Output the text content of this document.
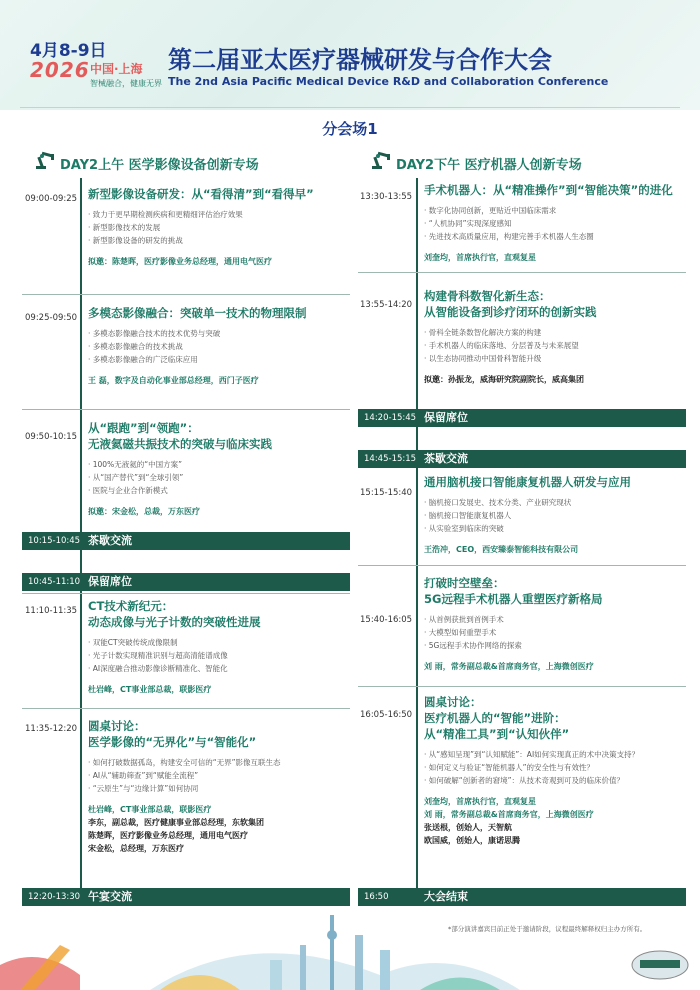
4月8-9日
2026 中国·上海
智械融合，健康无界
第二届亚太医疗器械研发与合作大会
The 2nd Asia Pacific Medical Device R&D and Collaboration Conference
分会场1
DAY2上午 医学影像设备创新专场	DAY2下午 医疗机器人创新专场
09:00-09:25 新型影像设备研发：从“看得清”到“看得早”
· 致力于更早期检测疾病和更精细评估治疗效果
· 新型影像技术的发展
· 新型影像设备的研发的挑战
拟邀：陈楚晖，医疗影像业务总经理，通用电气医疗
09:25-09:50 多模态影像融合：突破单一技术的物理限制
· 多模态影像融合技术的技术优势与突破
· 多模态影像融合的技术挑战
· 多模态影像融合的广泛临床应用
王 磊，数字及自动化事业部总经理，西门子医疗
09:50-10:15
从“跟跑”到“领跑”：
无液氦磁共振技术的突破与临床实践
· 100%无液氦的“中国方案”
· 从“国产替代”到“全球引领”
· 医院与企业合作新模式
拟邀：宋金松，总裁，万东医疗
11:10-11:35 CT技术新纪元：
动态成像与光子计数的突破性进展
· 双能CT突破传统成像限制
· 光子计数实现精准识别与超高清能谱成像
· AI深度融合推动影像诊断精准化、智能化
杜岩峰，CT事业部总裁，联影医疗
11:35-12:20 圆桌讨论：
医学影像的“无界化”与“智能化”
· 如何打破数据孤岛，构建安全可信的“无界”影像互联生态
· AI从“辅助筛查”到“赋能全流程”
· “云原生”与“边缘计算”如何协同
杜岩峰，CT事业部总裁，联影医疗
李东，副总裁，医疗健康事业部总经理，东软集团
陈楚晖，医疗影像业务总经理，通用电气医疗
宋金松，总经理，万东医疗
10:15-10:45 茶歇交流
10:45-11:10 保留席位
12:20-13:30 午宴交流
13:30-13:55 手术机器人：从“精准操作”到“智能决策”的进化
· 数字化协同创新，更贴近中国临床需求
· “人机协同”实现深度感知
· 先进技术高质量应用，构建完善手术机器人生态圈
刘奎均，首席执行官，直观复星
13:55-14:20
构建骨科数智化新生态：
从智能设备到诊疗闭环的创新实践
· 骨科全链条数智化解决方案的构建
· 手术机器人的临床落地、分层普及与未来展望
· 以生态协同推动中国骨科智能升级
拟邀：孙振龙，威海研究院副院长，威高集团
15:15-15:40
通用脑机接口智能康复机器人研发与应用
· 脑机接口发展史、技术分类、产业研究现状
· 脑机接口智能康复机器人
· 从实验室到临床的突破
王浩冲，CEO，西安臻泰智能科技有限公司
15:40-16:05
打破时空壁垒：
5G远程手术机器人重塑医疗新格局
· 从首例获批到首例手术
· 大模型如何重塑手术
· 5G远程手术协作网络的探索
刘 雨，常务副总裁&首席商务官，上海微创医疗
16:05-16:50
圆桌讨论：
医疗机器人的“智能”进阶：
从“精准工具”到“认知伙伴”
· 从“感知呈现”到“认知赋能”：AI如何实现真正的术中决策支持？
· 如何定义与验证“智能机器人”的安全性与有效性？
· 如何破解“创新者的窘境”：从技术奇观到可及的临床价值？
刘奎均，首席执行官，直观复星
刘 雨，常务副总裁&首席商务官，上海微创医疗
张送根，创始人，天智航
欧国威，创始人，康诺思腾
14:20-15:45 保留席位
14:45-15:15 茶歇交流
16:50	大会结束
*部分演讲嘉宾目前正处于邀请阶段，议程最终解释权归主办方所有。
